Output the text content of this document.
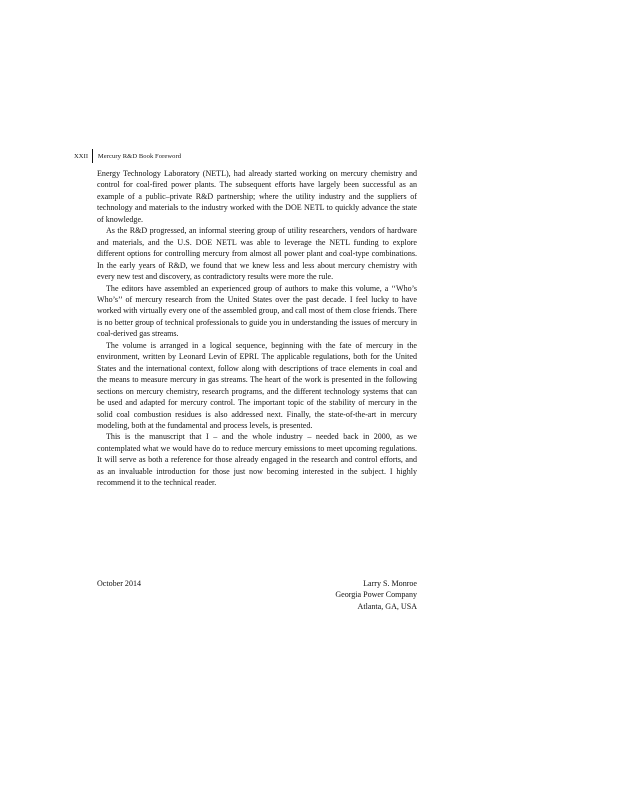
XXII	Mercury R&D Book Foreword

Energy Technology Laboratory (NETL), had already started working on mercury chemistry and control for coal-fired power plants. The subsequent efforts have largely been successful as an example of a public–private R&D partnership; where the utility industry and the suppliers of technology and materials to the industry worked with the DOE NETL to quickly advance the state of knowledge.

As the R&D progressed, an informal steering group of utility researchers, vendors of hardware and materials, and the U.S. DOE NETL was able to leverage the NETL funding to explore different options for controlling mercury from almost all power plant and coal-type combinations. In the early years of R&D, we found that we knew less and less about mercury chemistry with every new test and discovery, as contradictory results were more the rule.

The editors have assembled an experienced group of authors to make this volume, a ‘‘Who’s Who’s’’ of mercury research from the United States over the past decade. I feel lucky to have worked with virtually every one of the assembled group, and call most of them close friends. There is no better group of technical professionals to guide you in understanding the issues of mercury in coal-derived gas streams.

The volume is arranged in a logical sequence, beginning with the fate of mercury in the environment, written by Leonard Levin of EPRI. The applicable regulations, both for the United States and the international context, follow along with descriptions of trace elements in coal and the means to measure mercury in gas streams. The heart of the work is presented in the following sections on mercury chemistry, research programs, and the different technology systems that can be used and adapted for mercury control. The important topic of the stability of mercury in the solid coal combustion residues is also addressed next. Finally, the state-of-the-art in mercury modeling, both at the fundamental and process levels, is presented.

This is the manuscript that I – and the whole industry – needed back in 2000, as we contemplated what we would have do to reduce mercury emissions to meet upcoming regulations. It will serve as both a reference for those already engaged in the research and control efforts, and as an invaluable introduction for those just now becoming interested in the subject. I highly recommend it to the technical reader.

October 2014	Larry S. Monroe
Georgia Power Company
Atlanta, GA, USA
